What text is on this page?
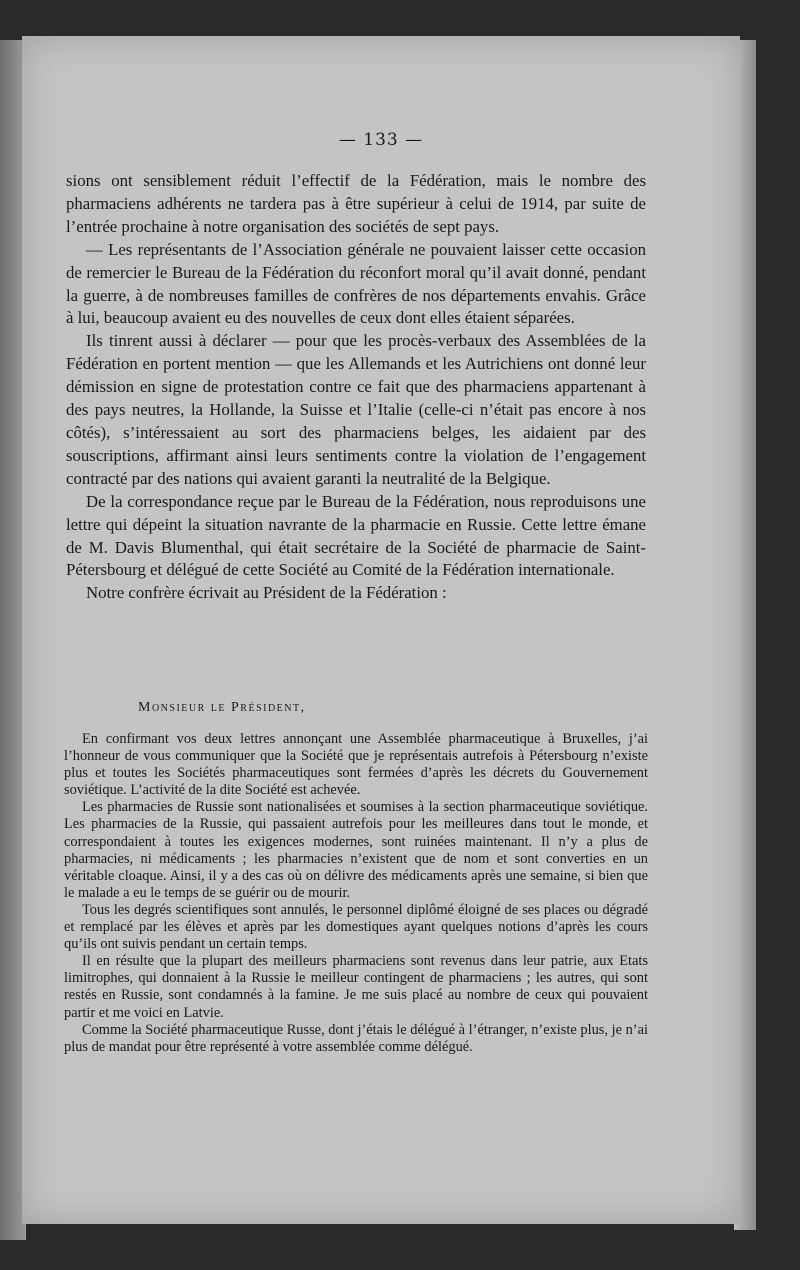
— 133 —

sions ont sensiblement réduit l’effectif de la Fédération, mais le nombre des pharmaciens adhérents ne tardera pas à être supérieur à celui de 1914, par suite de l’entrée prochaine à notre organisation des sociétés de sept pays.

— Les représentants de l’Association générale ne pouvaient laisser cette occasion de remercier le Bureau de la Fédération du réconfort moral qu’il avait donné, pendant la guerre, à de nombreuses familles de confrères de nos départements envahis. Grâce à lui, beaucoup avaient eu des nouvelles de ceux dont elles étaient séparées.

Ils tinrent aussi à déclarer — pour que les procès-verbaux des Assemblées de la Fédération en portent mention — que les Allemands et les Autrichiens ont donné leur démission en signe de protestation contre ce fait que des pharmaciens appartenant à des pays neutres, la Hollande, la Suisse et l’Italie (celle-ci n’était pas encore à nos côtés), s’intéressaient au sort des pharmaciens belges, les aidaient par des souscriptions, affirmant ainsi leurs sentiments contre la violation de l’engagement contracté par des nations qui avaient garanti la neutralité de la Belgique.

De la correspondance reçue par le Bureau de la Fédération, nous reproduisons une lettre qui dépeint la situation navrante de la pharmacie en Russie. Cette lettre émane de M. Davis Blumenthal, qui était secrétaire de la Société de pharmacie de Saint-Pétersbourg et délégué de cette Société au Comité de la Fédération internationale.

Notre confrère écrivait au Président de la Fédération :

Monsieur le Président,

En confirmant vos deux lettres annonçant une Assemblée pharmaceutique à Bruxelles, j’ai l’honneur de vous communiquer que la Société que je représentais autrefois à Pétersbourg n’existe plus et toutes les Sociétés pharmaceutiques sont fermées d’après les décrets du Gouvernement soviétique. L’activité de la dite Société est achevée.

Les pharmacies de Russie sont nationalisées et soumises à la section pharmaceutique soviétique. Les pharmacies de la Russie, qui passaient autrefois pour les meilleures dans tout le monde, et correspondaient à toutes les exigences modernes, sont ruinées maintenant. Il n’y a plus de pharmacies, ni médicaments ; les pharmacies n’existent que de nom et sont converties en un véritable cloaque. Ainsi, il y a des cas où on délivre des médicaments après une semaine, si bien que le malade a eu le temps de se guérir ou de mourir.

Tous les degrés scientifiques sont annulés, le personnel diplômé éloigné de ses places ou dégradé et remplacé par les élèves et après par les domestiques ayant quelques notions d’après les cours qu’ils ont suivis pendant un certain temps.

Il en résulte que la plupart des meilleurs pharmaciens sont revenus dans leur patrie, aux Etats limitrophes, qui donnaient à la Russie le meilleur contingent de pharmaciens ; les autres, qui sont restés en Russie, sont condamnés à la famine. Je me suis placé au nombre de ceux qui pouvaient partir et me voici en Latvie.

Comme la Société pharmaceutique Russe, dont j’étais le délégué à l’étranger, n’existe plus, je n’ai plus de mandat pour être représenté à votre assemblée comme délégué.
